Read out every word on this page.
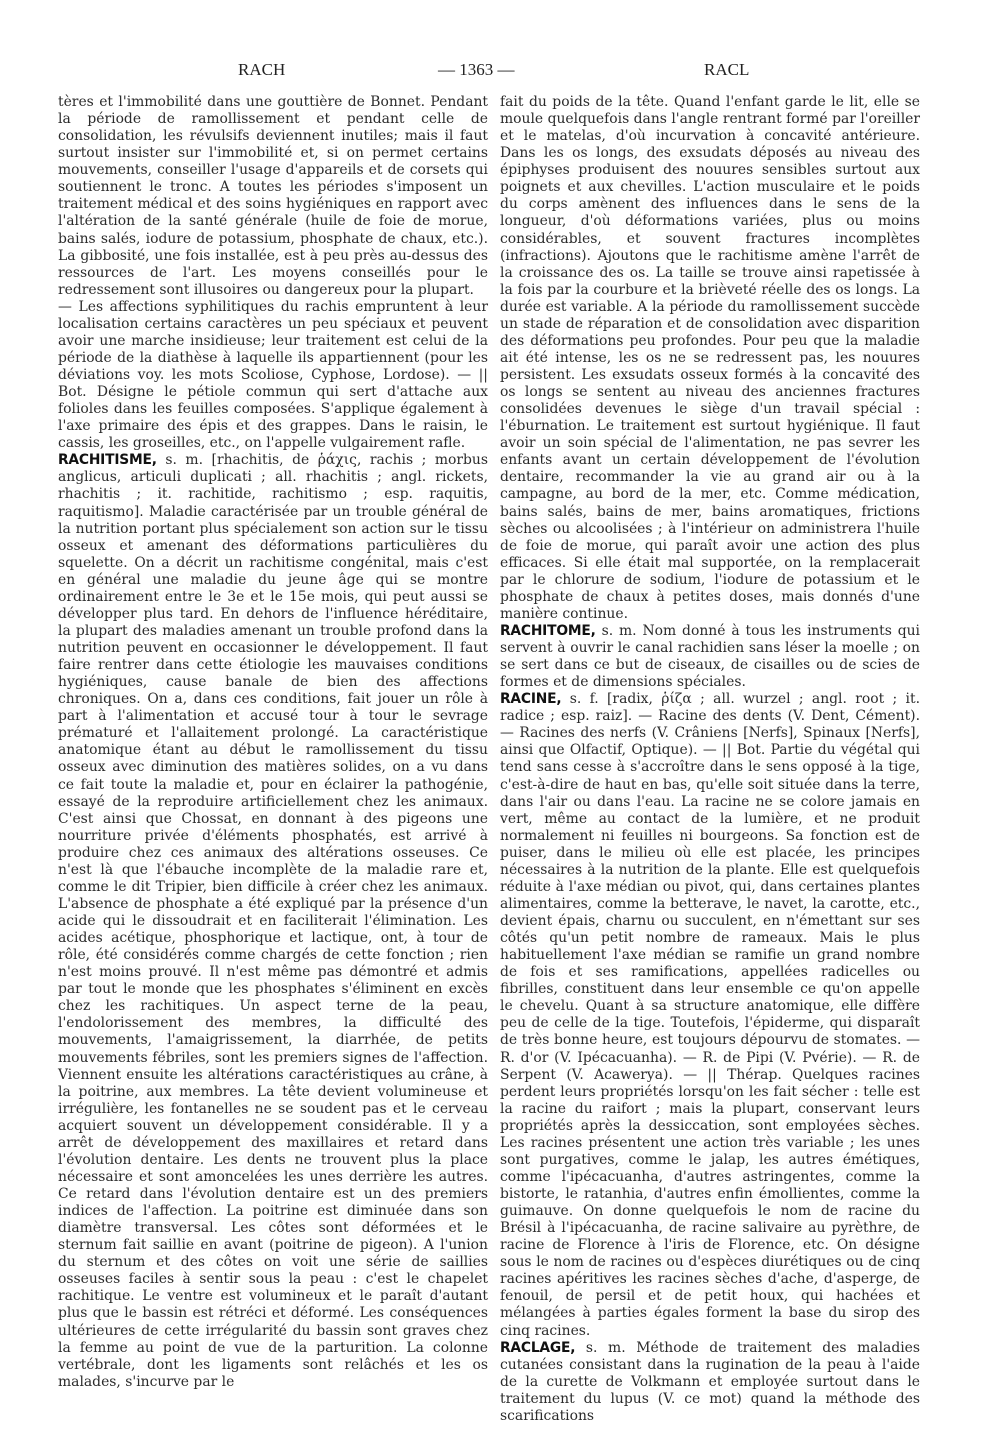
RACH	— 1363 —	RACL

tères et l'immobilité dans une gouttière de Bonnet. Pendant la période de ramollissement et pendant celle de consolidation, les révulsifs deviennent inutiles; mais il faut surtout insister sur l'immobilité et, si on permet certains mouvements, conseiller l'usage d'appareils et de corsets qui soutiennent le tronc. A toutes les périodes s'imposent un traitement médical et des soins hygiéniques en rapport avec l'altération de la santé générale (huile de foie de morue, bains salés, iodure de potassium, phosphate de chaux, etc.). La gibbosité, une fois installée, est à peu près au-dessus des ressources de l'art. Les moyens conseillés pour le redressement sont illusoires ou dangereux pour la plupart.

— Les affections syphilitiques du rachis empruntent à leur localisation certains caractères un peu spéciaux et peuvent avoir une marche insidieuse; leur traitement est celui de la période de la diathèse à laquelle ils appartiennent (pour les déviations voy. les mots Scoliose, Cyphose, Lordose). — || Bot. Désigne le pétiole commun qui sert d'attache aux folioles dans les feuilles composées. S'applique également à l'axe primaire des épis et des grappes. Dans le raisin, le cassis, les groseilles, etc., on l'appelle vulgairement rafle.

RACHITISME, s. m. [rhachitis, de ῥάχις, rachis ; morbus anglicus, articuli duplicati ; all. rhachitis ; angl. rickets, rhachitis ; it. rachitide, rachitismo ; esp. raquitis, raquitismo]. Maladie caractérisée par un trouble général de la nutrition portant plus spécialement son action sur le tissu osseux et amenant des déformations particulières du squelette. On a décrit un rachitisme congénital, mais c'est en général une maladie du jeune âge qui se montre ordinairement entre le 3e et le 15e mois, qui peut aussi se développer plus tard. En dehors de l'influence héréditaire, la plupart des maladies amenant un trouble profond dans la nutrition peuvent en occasionner le développement. Il faut faire rentrer dans cette étiologie les mauvaises conditions hygiéniques, cause banale de bien des affections chroniques. On a, dans ces conditions, fait jouer un rôle à part à l'alimentation et accusé tour à tour le sevrage prématuré et l'allaitement prolongé. La caractéristique anatomique étant au début le ramollissement du tissu osseux avec diminution des matières solides, on a vu dans ce fait toute la maladie et, pour en éclairer la pathogénie, essayé de la reproduire artificiellement chez les animaux. C'est ainsi que Chossat, en donnant à des pigeons une nourriture privée d'éléments phosphatés, est arrivé à produire chez ces animaux des altérations osseuses. Ce n'est là que l'ébauche incomplète de la maladie rare et, comme le dit Tripier, bien difficile à créer chez les animaux. L'absence de phosphate a été expliqué par la présence d'un acide qui le dissoudrait et en faciliterait l'élimination. Les acides acétique, phosphorique et lactique, ont, à tour de rôle, été considérés comme chargés de cette fonction ; rien n'est moins prouvé. Il n'est même pas démontré et admis par tout le monde que les phosphates s'éliminent en excès chez les rachitiques. Un aspect terne de la peau, l'endolorissement des membres, la difficulté des mouvements, l'amaigrissement, la diarrhée, de petits mouvements fébriles, sont les premiers signes de l'affection. Viennent ensuite les altérations caractéristiques au crâne, à la poitrine, aux membres. La tête devient volumineuse et irrégulière, les fontanelles ne se soudent pas et le cerveau acquiert souvent un développement considérable. Il y a arrêt de développement des maxillaires et retard dans l'évolution dentaire. Les dents ne trouvent plus la place nécessaire et sont amoncelées les unes derrière les autres. Ce retard dans l'évolution dentaire est un des premiers indices de l'affection. La poitrine est diminuée dans son diamètre transversal. Les côtes sont déformées et le sternum fait saillie en avant (poitrine de pigeon). A l'union du sternum et des côtes on voit une série de saillies osseuses faciles à sentir sous la peau : c'est le chapelet rachitique. Le ventre est volumineux et le paraît d'autant plus que le bassin est rétréci et déformé. Les conséquences ultérieures de cette irrégularité du bassin sont graves chez la femme au point de vue de la parturition. La colonne vertébrale, dont les ligaments sont relâchés et les os malades, s'incurve par le

fait du poids de la tête. Quand l'enfant garde le lit, elle se moule quelquefois dans l'angle rentrant formé par l'oreiller et le matelas, d'où incurvation à concavité antérieure. Dans les os longs, des exsudats déposés au niveau des épiphyses produisent des nouures sensibles surtout aux poignets et aux chevilles. L'action musculaire et le poids du corps amènent des influences dans le sens de la longueur, d'où déformations variées, plus ou moins considérables, et souvent fractures incomplètes (infractions). Ajoutons que le rachitisme amène l'arrêt de la croissance des os. La taille se trouve ainsi rapetissée à la fois par la courbure et la brièveté réelle des os longs. La durée est variable. A la période du ramollissement succède un stade de réparation et de consolidation avec disparition des déformations peu profondes. Pour peu que la maladie ait été intense, les os ne se redressent pas, les nouures persistent. Les exsudats osseux formés à la concavité des os longs se sentent au niveau des anciennes fractures consolidées devenues le siège d'un travail spécial : l'éburnation. Le traitement est surtout hygiénique. Il faut avoir un soin spécial de l'alimentation, ne pas sevrer les enfants avant un certain développement de l'évolution dentaire, recommander la vie au grand air ou à la campagne, au bord de la mer, etc. Comme médication, bains salés, bains de mer, bains aromatiques, frictions sèches ou alcoolisées ; à l'intérieur on administrera l'huile de foie de morue, qui paraît avoir une action des plus efficaces. Si elle était mal supportée, on la remplacerait par le chlorure de sodium, l'iodure de potassium et le phosphate de chaux à petites doses, mais donnés d'une manière continue.

RACHITOME, s. m. Nom donné à tous les instruments qui servent à ouvrir le canal rachidien sans léser la moelle ; on se sert dans ce but de ciseaux, de cisailles ou de scies de formes et de dimensions spéciales.

RACINE, s. f. [radix, ῥίζα ; all. wurzel ; angl. root ; it. radice ; esp. raiz]. — Racine des dents (V. Dent, Cément). — Racines des nerfs (V. Crâniens [Nerfs], Spinaux [Nerfs], ainsi que Olfactif, Optique). — || Bot. Partie du végétal qui tend sans cesse à s'accroître dans le sens opposé à la tige, c'est-à-dire de haut en bas, qu'elle soit située dans la terre, dans l'air ou dans l'eau. La racine ne se colore jamais en vert, même au contact de la lumière, et ne produit normalement ni feuilles ni bourgeons. Sa fonction est de puiser, dans le milieu où elle est placée, les principes nécessaires à la nutrition de la plante. Elle est quelquefois réduite à l'axe médian ou pivot, qui, dans certaines plantes alimentaires, comme la betterave, le navet, la carotte, etc., devient épais, charnu ou succulent, en n'émettant sur ses côtés qu'un petit nombre de rameaux. Mais le plus habituellement l'axe médian se ramifie un grand nombre de fois et ses ramifications, appellées radicelles ou fibrilles, constituent dans leur ensemble ce qu'on appelle le chevelu. Quant à sa structure anatomique, elle diffère peu de celle de la tige. Toutefois, l'épiderme, qui disparaît de très bonne heure, est toujours dépourvu de stomates. — R. d'or (V. Ipécacuanha). — R. de Pipi (V. Pvérie). — R. de Serpent (V. Acawerya). — || Thérap. Quelques racines perdent leurs propriétés lorsqu'on les fait sécher : telle est la racine du raifort ; mais la plupart, conservant leurs propriétés après la dessiccation, sont employées sèches. Les racines présentent une action très variable ; les unes sont purgatives, comme le jalap, les autres émétiques, comme l'ipécacuanha, d'autres astringentes, comme la bistorte, le ratanhia, d'autres enfin émollientes, comme la guimauve. On donne quelquefois le nom de racine du Brésil à l'ipécacuanha, de racine salivaire au pyrèthre, de racine de Florence à l'iris de Florence, etc. On désigne sous le nom de racines ou d'espèces diurétiques ou de cinq racines apéritives les racines sèches d'ache, d'asperge, de fenouil, de persil et de petit houx, qui hachées et mélangées à parties égales forment la base du sirop des cinq racines.

RACLAGE, s. m. Méthode de traitement des maladies cutanées consistant dans la rugination de la peau à l'aide de la curette de Volkmann et employée surtout dans le traitement du lupus (V. ce mot) quand la méthode des scarifications
